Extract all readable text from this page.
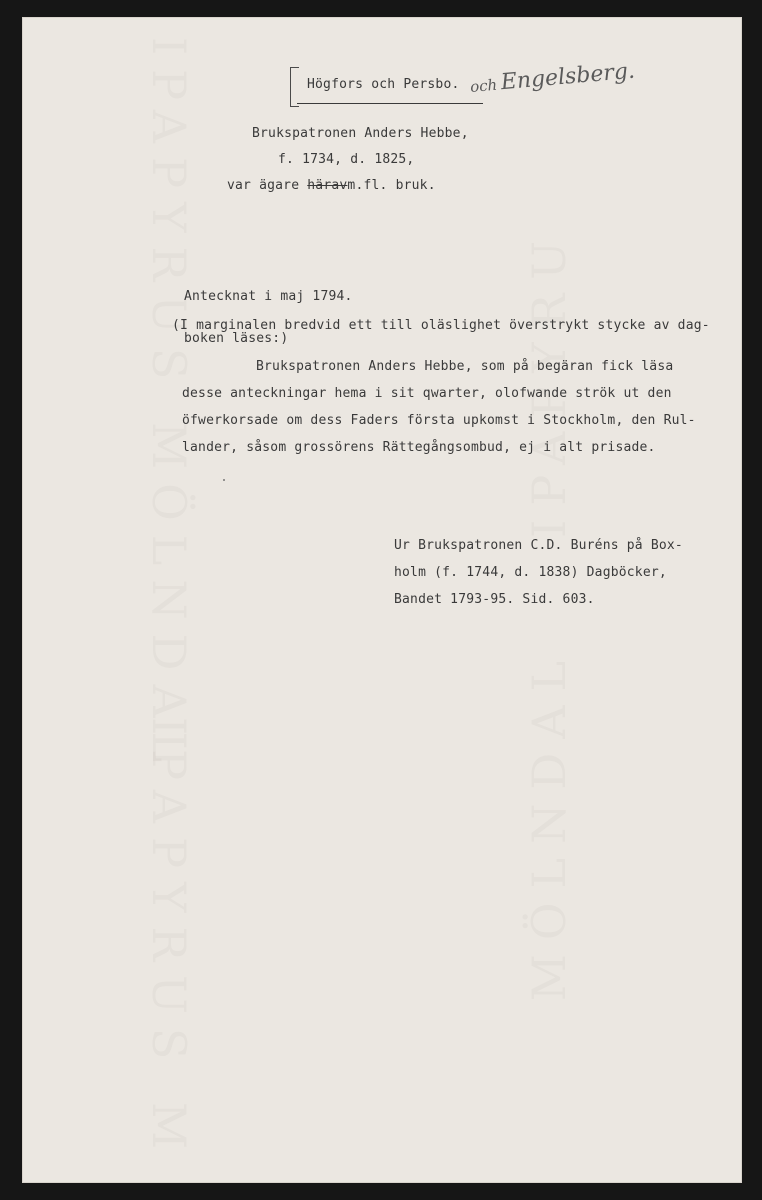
Högfors och Persbo. ochEngelsberg.
Brukspatronen Anders Hebbe,
f. 1734, d. 1825,
var ägare häravm.fl. bruk.
Antecknat i maj 1794.
(I marginalen bredvid ett till oläslighet överstrykt stycke av dag-
boken läses:)
Brukspatronen Anders Hebbe, som på begäran fick läsa
desse anteckningar hema i sit qwarter, olofwande strök ut den
öfwerkorsade om dess Faders första upkomst i Stockholm, den Rul-
lander, såsom grossörens Rättegångsombud, ej i alt prisade.
Ur Brukspatronen C.D. Buréns på Box-
holm (f. 1744, d. 1838) Dagböcker,
Bandet 1793-95. Sid. 603.
